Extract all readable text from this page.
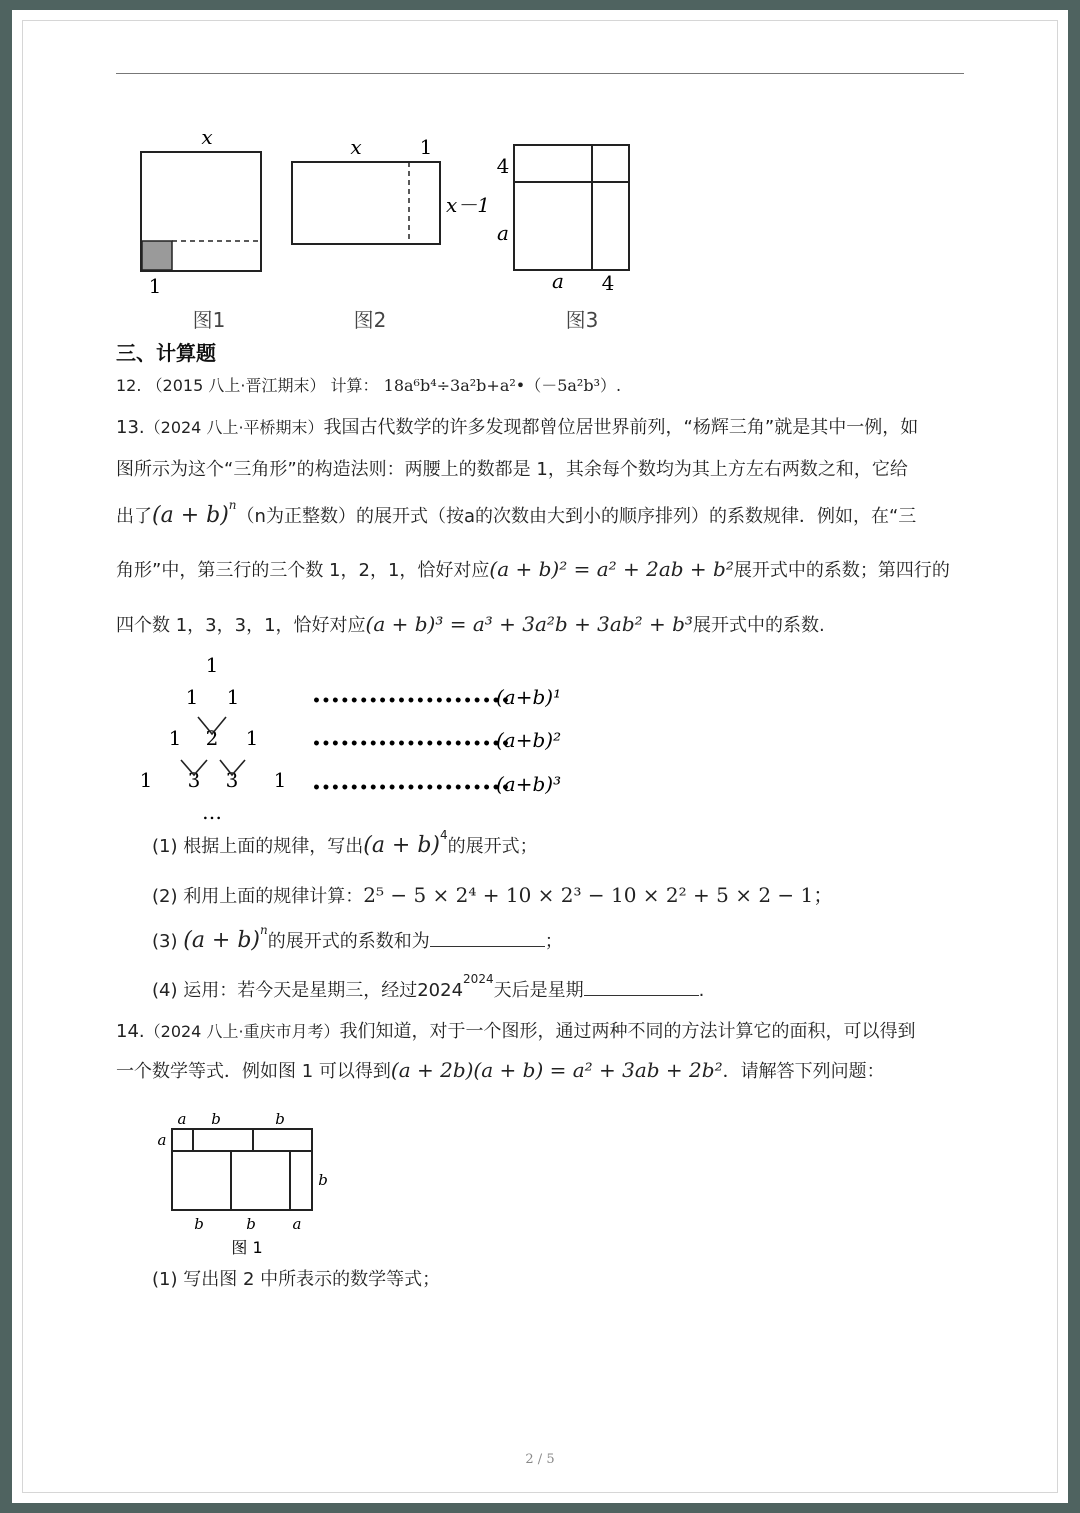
x
1
图1
x	1
x－1
图2
4
a
a 4
图3
三、计算题
12. （2015 八上·晋江期末） 计算： 18a⁶b⁴÷3a²b+a²•（－5a²b³）.
13.（2024 八上·平桥期末）我国古代数学的许多发现都曾位居世界前列，“杨辉三角”就是其中一例，如
图所示为这个“三角形”的构造法则：两腰上的数都是 1，其余每个数均为其上方左右两数之和，它给
出了$(a + b)^n(n$为正整数）的展开式（按a的次数由大到小的顺序排列）的系数规律．例如，在“三
角形”中，第三行的三个数 1，2，1，恰好对应(a + b)² = a² + 2ab + b²展开式中的系数；第四行的
四个数 1，3，3，1，恰好对应(a + b)³ = a³ + 3a²b + 3ab² + b³展开式中的系数.
1
1 1
1 2 1
1 3 3 1
…
•••••••••••••••••••••
•••••••••••••••••••••
•••••••••••••••••••••
(a+b)¹
(a+b)²
(a+b)³
(1) 根据上面的规律，写出$(a + b)^4$的展开式；
(2) 利用上面的规律计算：2⁵ − 5 × 2⁴ + 10 × 2³ − 10 × 2² + 5 × 2 − 1；
(3) $(a + b)^n$的展开式的系数和为	；
(4) 运用：若今天是星期三，经过$2024^{2024}$天后是星期	.
14.（2024 八上·重庆市月考）我们知道，对于一个图形，通过两种不同的方法计算它的面积，可以得到
一个数学等式．例如图 1 可以得到(a + 2b)(a + b) = a² + 3ab + 2b²．请解答下列问题：
a b	b
a
b
b	b a
图 1
(1) 写出图 2 中所表示的数学等式；
2 / 5
